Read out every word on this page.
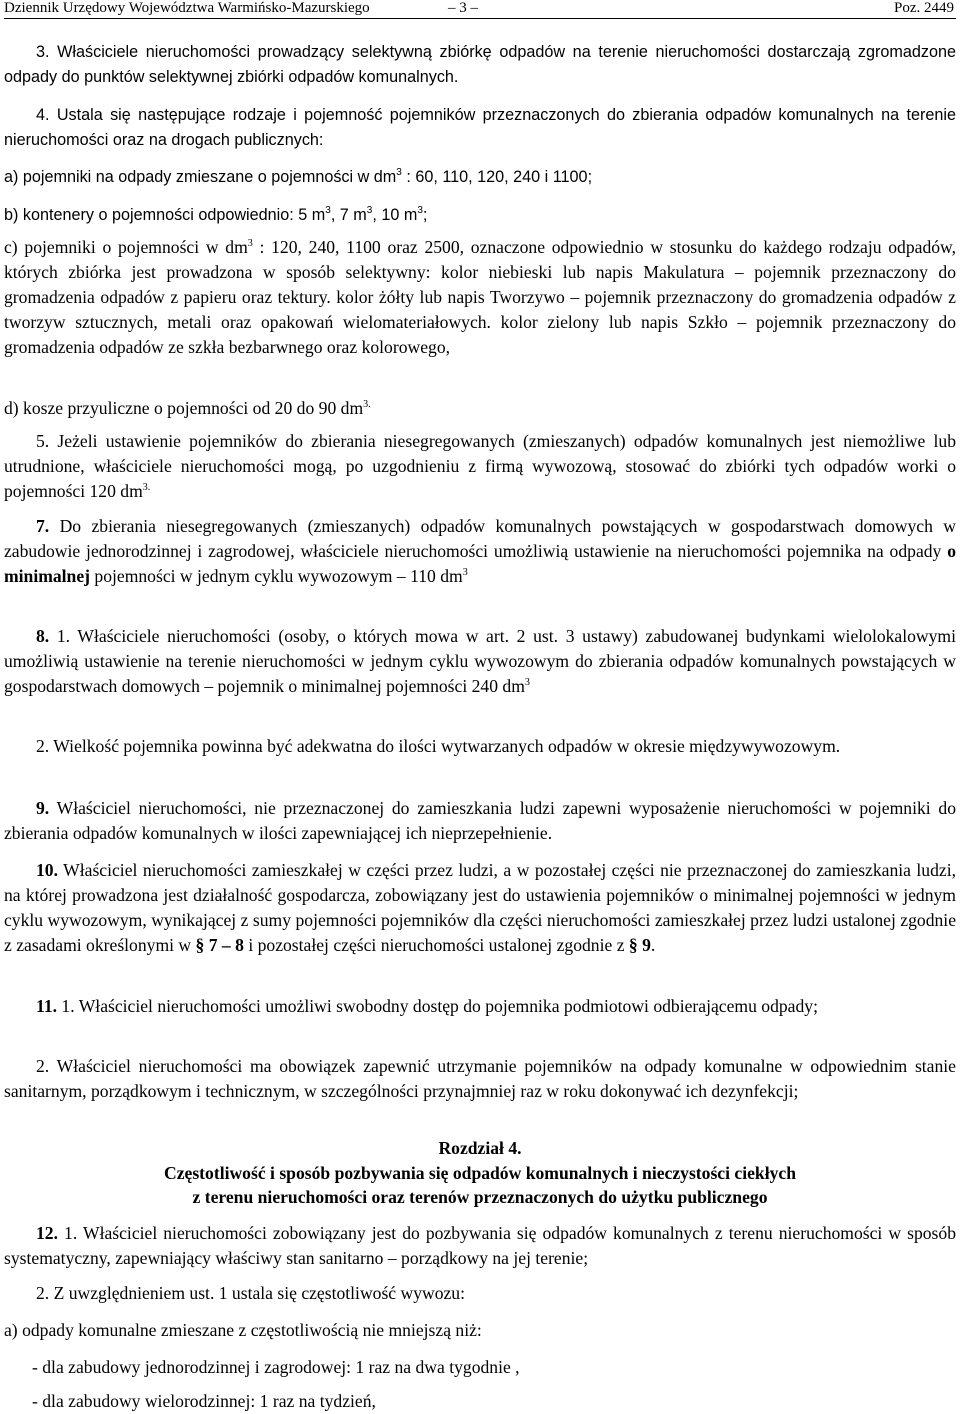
Dziennik Urzędowy Województwa Warmińsko-Mazurskiego	– 3 –	Poz. 2449

3. Właściciele nieruchomości prowadzący selektywną zbiórkę odpadów na terenie nieruchomości dostarczają zgromadzone odpady do punktów selektywnej zbiórki odpadów komunalnych.

4. Ustala się następujące rodzaje i pojemność pojemników przeznaczonych do zbierania odpadów komunalnych na terenie nieruchomości oraz na drogach publicznych:

a) pojemniki na odpady zmieszane o pojemności w $dm^3$ : 60, 110, 120, 240 i 1100;

b) kontenery o pojemności odpowiednio: 5 $m^3$, 7 $m^3$, 10 $m^3$;

c) pojemniki o pojemności w $dm^3$ : 120, 240, 1100 oraz 2500, oznaczone odpowiednio w stosunku do każdego rodzaju odpadów, których zbiórka jest prowadzona w sposób selektywny: kolor niebieski lub napis Makulatura – pojemnik przeznaczony do gromadzenia odpadów z papieru oraz tektury. kolor żółty lub napis Tworzywo – pojemnik przeznaczony do gromadzenia odpadów z tworzyw sztucznych, metali oraz opakowań wielomateriałowych. kolor zielony lub napis Szkło – pojemnik przeznaczony do gromadzenia odpadów ze szkła bezbarwnego oraz kolorowego,

d) kosze przyuliczne o pojemności od 20 do 90 $dm^{3.}$

5. Jeżeli ustawienie pojemników do zbierania niesegregowanych (zmieszanych) odpadów komunalnych jest niemożliwe lub utrudnione, właściciele nieruchomości mogą, po uzgodnieniu z firmą wywozową, stosować do zbiórki tych odpadów worki o pojemności 120 $dm^{3.}$

7. Do zbierania niesegregowanych (zmieszanych) odpadów komunalnych powstających w gospodarstwach domowych w zabudowie jednorodzinnej i zagrodowej, właściciele nieruchomości umożliwią ustawienie na nieruchomości pojemnika na odpady o minimalnej pojemności w jednym cyklu wywozowym – 110 $dm^3$

8. 1. Właściciele nieruchomości (osoby, o których mowa w art. 2 ust. 3 ustawy) zabudowanej budynkami wielolokalowymi umożliwią ustawienie na terenie nieruchomości w jednym cyklu wywozowym do zbierania odpadów komunalnych powstających w gospodarstwach domowych – pojemnik o minimalnej pojemności 240 $dm^3$

2. Wielkość pojemnika powinna być adekwatna do ilości wytwarzanych odpadów w okresie międzywywozowym.

9. Właściciel nieruchomości, nie przeznaczonej do zamieszkania ludzi zapewni wyposażenie nieruchomości w pojemniki do zbierania odpadów komunalnych w ilości zapewniającej ich nieprzepełnienie.

10. Właściciel nieruchomości zamieszkałej w części przez ludzi, a w pozostałej części nie przeznaczonej do zamieszkania ludzi, na której prowadzona jest działalność gospodarcza, zobowiązany jest do ustawienia pojemników o minimalnej pojemności w jednym cyklu wywozowym, wynikającej z sumy pojemności pojemników dla części nieruchomości zamieszkałej przez ludzi ustalonej zgodnie z zasadami określonymi w § 7 – 8 i pozostałej części nieruchomości ustalonej zgodnie z § 9.

11. 1. Właściciel nieruchomości umożliwi swobodny dostęp do pojemnika podmiotowi odbierającemu odpady;

2. Właściciel nieruchomości ma obowiązek zapewnić utrzymanie pojemników na odpady komunalne w odpowiednim stanie sanitarnym, porządkowym i technicznym, w szczególności przynajmniej raz w roku dokonywać ich dezynfekcji;

Rozdział 4.

Częstotliwość i sposób pozbywania się odpadów komunalnych i nieczystości ciekłych

z terenu nieruchomości oraz terenów przeznaczonych do użytku publicznego

12. 1. Właściciel nieruchomości zobowiązany jest do pozbywania się odpadów komunalnych z terenu nieruchomości w sposób systematyczny, zapewniający właściwy stan sanitarno – porządkowy na jej terenie;

2. Z uwzględnieniem ust. 1 ustala się częstotliwość wywozu:

a) odpady komunalne zmieszane z częstotliwością nie mniejszą niż:

- dla zabudowy jednorodzinnej i zagrodowej: 1 raz na dwa tygodnie ,

- dla zabudowy wielorodzinnej: 1 raz na tydzień,
